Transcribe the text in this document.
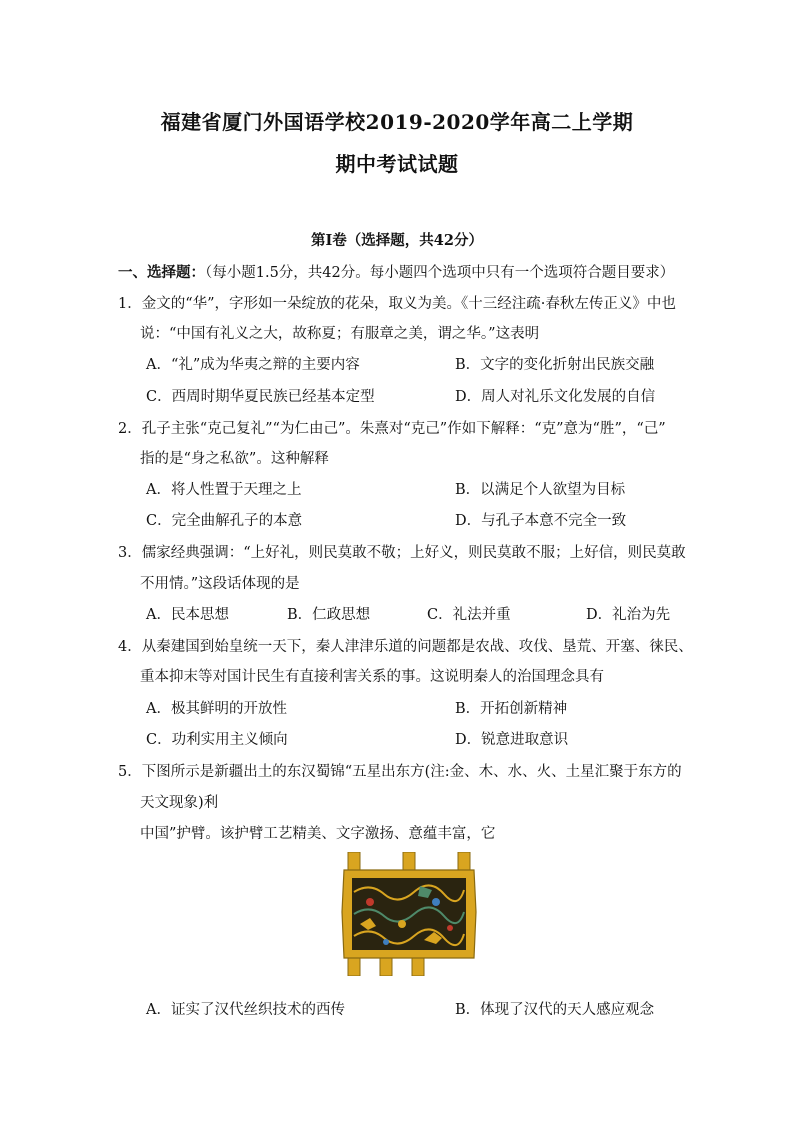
福建省厦门外国语学校2019-2020学年高二上学期
期中考试试题
第Ⅰ卷（选择题，共42分）
一、选择题：（每小题1.5分，共42分。每小题四个选项中只有一个选项符合题目要求）
1．金文的“华”，字形如一朵绽放的花朵，取义为美。《十三经注疏·春秋左传正义》中也
说：“中国有礼义之大，故称夏；有服章之美，谓之华。”这表明
A．“礼”成为华夷之辩的主要内容	B．文字的变化折射出民族交融
C．西周时期华夏民族已经基本定型	D．周人对礼乐文化发展的自信
2．孔子主张“克己复礼”“为仁由己”。朱熹对“克己”作如下解释：“克”意为“胜”，“己”
指的是“身之私欲”。这种解释
A．将人性置于天理之上	B．以满足个人欲望为目标
C．完全曲解孔子的本意	D．与孔子本意不完全一致
3．儒家经典强调：“上好礼，则民莫敢不敬；上好义，则民莫敢不服；上好信，则民莫敢
不用情。”这段话体现的是
A．民本思想	B．仁政思想	C．礼法并重	D．礼治为先
4．从秦建国到始皇统一天下，秦人津津乐道的问题都是农战、攻伐、垦荒、开塞、徕民、
重本抑末等对国计民生有直接利害关系的事。这说明秦人的治国理念具有
A．极其鲜明的开放性	B．开拓创新精神
C．功利实用主义倾向	D．锐意进取意识
5．下图所示是新疆出土的东汉蜀锦“五星出东方(注:金、木、水、火、土星汇聚于东方的
天文现象)利
中国”护臂。该护臂工艺精美、文字激扬、意蕴丰富，它
A．证实了汉代丝织技术的西传	B．体现了汉代的天人感应观念
